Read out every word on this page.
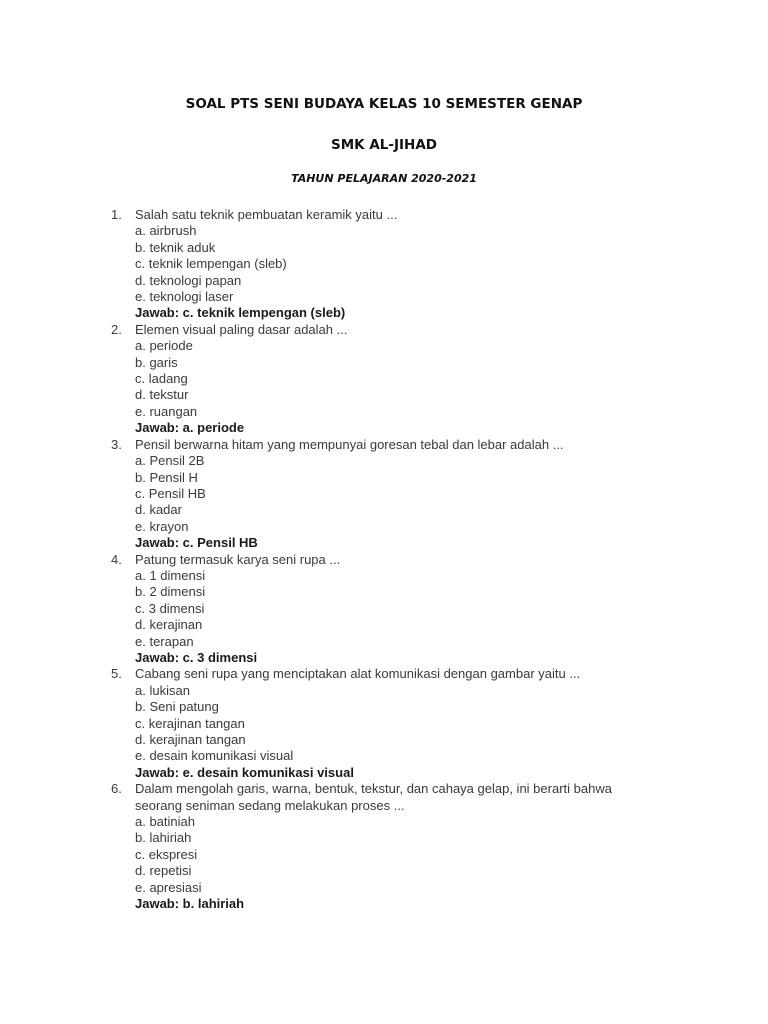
SOAL PTS SENI BUDAYA KELAS 10 SEMESTER GENAP
SMK AL-JIHAD
TAHUN PELAJARAN 2020-2021
1.	Salah satu teknik pembuatan keramik yaitu ...
a. airbrush
b. teknik aduk
c. teknik lempengan (sleb)
d. teknologi papan
e. teknologi laser
Jawab: c. teknik lempengan (sleb)
2.	Elemen visual paling dasar adalah ...
a. periode
b. garis
c. ladang
d. tekstur
e. ruangan
Jawab: a. periode
3.	Pensil berwarna hitam yang mempunyai goresan tebal dan lebar adalah ...
a. Pensil 2B
b. Pensil H
c. Pensil HB
d. kadar
e. krayon
Jawab: c. Pensil HB
4.	Patung termasuk karya seni rupa ...
a. 1 dimensi
b. 2 dimensi
c. 3 dimensi
d. kerajinan
e. terapan
Jawab: c. 3 dimensi
5.	Cabang seni rupa yang menciptakan alat komunikasi dengan gambar yaitu ...
a. lukisan
b. Seni patung
c. kerajinan tangan
d. kerajinan tangan
e. desain komunikasi visual
Jawab: e. desain komunikasi visual
6.	Dalam mengolah garis, warna, bentuk, tekstur, dan cahaya gelap, ini berarti bahwa
seorang seniman sedang melakukan proses ...
a. batiniah
b. lahiriah
c. ekspresi
d. repetisi
e. apresiasi
Jawab: b. lahiriah
